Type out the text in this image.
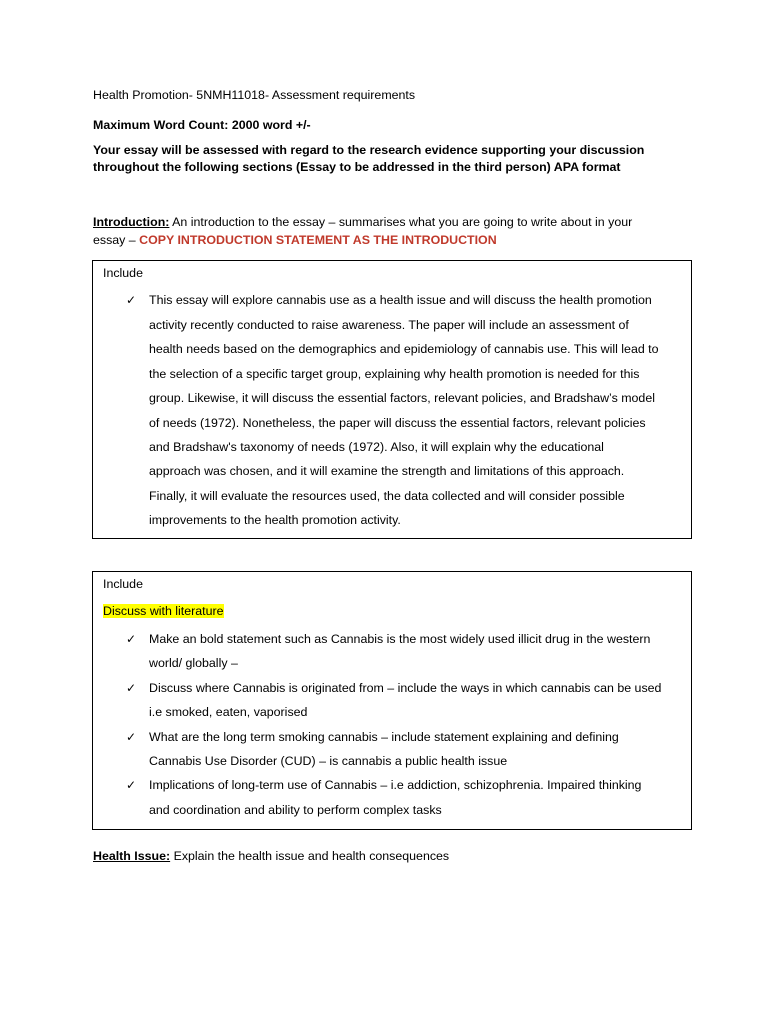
Health Promotion- 5NMH11018- Assessment requirements
Maximum Word Count: 2000 word +/-
Your essay will be assessed with regard to the research evidence supporting your discussion
throughout the following sections (Essay to be addressed in the third person) APA format
Introduction: An introduction to the essay – summarises what you are going to write about in your
essay – COPY INTRODUCTION STATEMENT AS THE INTRODUCTION
Include
✓ This essay will explore cannabis use as a health issue and will discuss the health promotion
activity recently conducted to raise awareness. The paper will include an assessment of
health needs based on the demographics and epidemiology of cannabis use. This will lead to
the selection of a specific target group, explaining why health promotion is needed for this
group. Likewise, it will discuss the essential factors, relevant policies, and Bradshaw’s model
of needs (1972). Nonetheless, the paper will discuss the essential factors, relevant policies
and Bradshaw's taxonomy of needs (1972). Also, it will explain why the educational
approach was chosen, and it will examine the strength and limitations of this approach.
Finally, it will evaluate the resources used, the data collected and will consider possible
improvements to the health promotion activity.
Include
Discuss with literature
✓ Make an bold statement such as Cannabis is the most widely used illicit drug in the western
world/ globally –
✓ Discuss where Cannabis is originated from – include the ways in which cannabis can be used
i.e smoked, eaten, vaporised
✓ What are the long term smoking cannabis – include statement explaining and defining
Cannabis Use Disorder (CUD) – is cannabis a public health issue
✓ Implications of long-term use of Cannabis – i.e addiction, schizophrenia. Impaired thinking
and coordination and ability to perform complex tasks
Health Issue: Explain the health issue and health consequences
